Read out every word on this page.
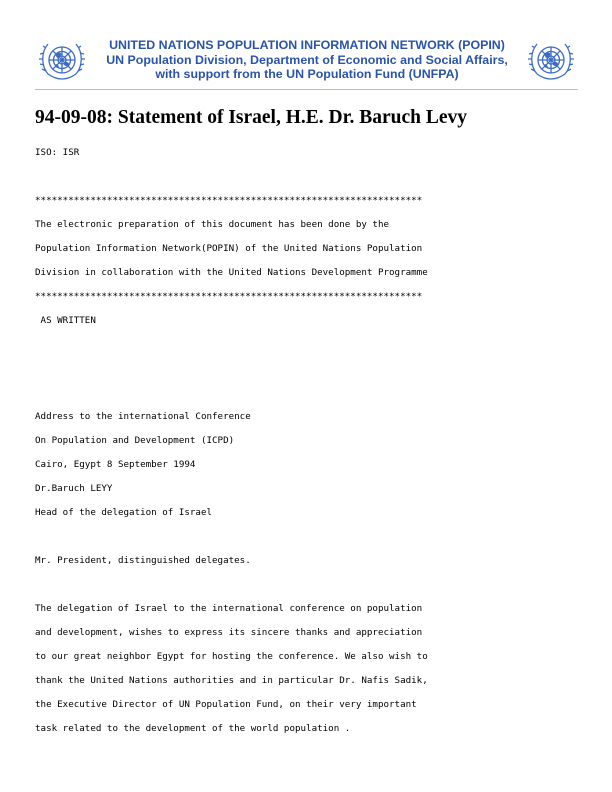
UNITED NATIONS POPULATION INFORMATION NETWORK (POPIN)
UN Population Division, Department of Economic and Social Affairs,
with support from the UN Population Fund (UNFPA)
94-09-08: Statement of Israel, H.E. Dr. Baruch Levy
ISO: ISR
**********************************************************************
The electronic preparation of this document has been done by the
Population Information Network(POPIN) of the United Nations Population
Division in collaboration with the United Nations Development Programme
**********************************************************************
AS WRITTEN
Address to the international Conference
On Population and Development (ICPD)
Cairo, Egypt 8 September 1994
Dr.Baruch LEYY
Head of the delegation of Israel
Mr. President, distinguished delegates.
The delegation of Israel to the international conference on population
and development, wishes to express its sincere thanks and appreciation
to our great neighbor Egypt for hosting the conference. We also wish to
thank the United Nations authorities and in particular Dr. Nafis Sadik,
the Executive Director of UN Population Fund, on their very important
task related to the development of the world population .
